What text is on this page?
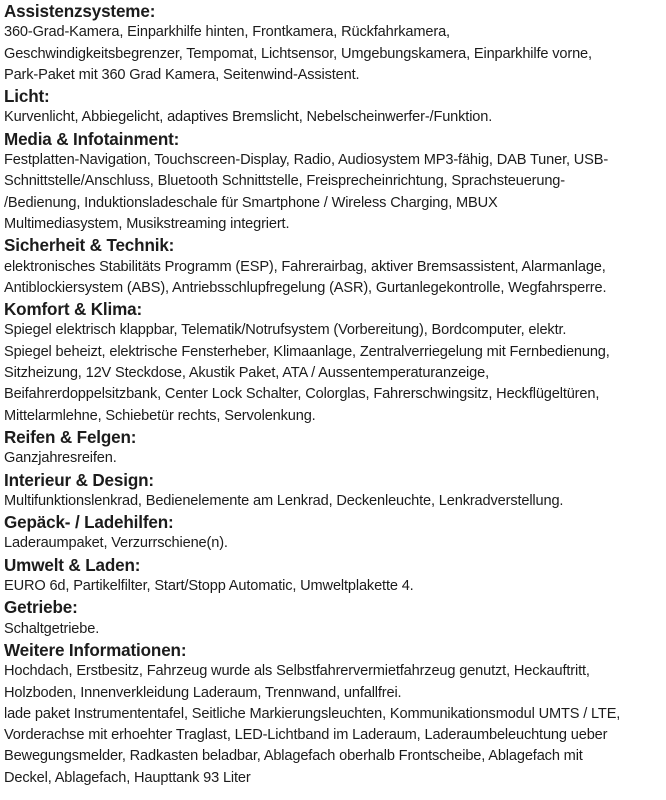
Assistenzsysteme:

360-Grad-Kamera, Einparkhilfe hinten, Frontkamera, Rückfahrkamera,
Geschwindigkeitsbegrenzer, Tempomat, Lichtsensor, Umgebungskamera, Einparkhilfe vorne,
Park-Paket mit 360 Grad Kamera, Seitenwind-Assistent.

Licht:

Kurvenlicht, Abbiegelicht, adaptives Bremslicht, Nebelscheinwerfer-/Funktion.

Media & Infotainment:

Festplatten-Navigation, Touchscreen-Display, Radio, Audiosystem MP3-fähig, DAB Tuner, USB-
Schnittstelle/Anschluss, Bluetooth Schnittstelle, Freisprecheinrichtung, Sprachsteuerung-
/Bedienung, Induktionsladeschale für Smartphone / Wireless Charging, MBUX
Multimediasystem, Musikstreaming integriert.

Sicherheit & Technik:

elektronisches Stabilitäts Programm (ESP), Fahrerairbag, aktiver Bremsassistent, Alarmanlage,
Antiblockiersystem (ABS), Antriebsschlupfregelung (ASR), Gurtanlegekontrolle, Wegfahrsperre.

Komfort & Klima:

Spiegel elektrisch klappbar, Telematik/Notrufsystem (Vorbereitung), Bordcomputer, elektr.
Spiegel beheizt, elektrische Fensterheber, Klimaanlage, Zentralverriegelung mit Fernbedienung,
Sitzheizung, 12V Steckdose, Akustik Paket, ATA / Aussentemperaturanzeige,
Beifahrerdoppelsitzbank, Center Lock Schalter, Colorglas, Fahrerschwingsitz, Heckflügeltüren,
Mittelarmlehne, Schiebetür rechts, Servolenkung.

Reifen & Felgen:

Ganzjahresreifen.

Interieur & Design:

Multifunktionslenkrad, Bedienelemente am Lenkrad, Deckenleuchte, Lenkradverstellung.

Gepäck- / Ladehilfen:

Laderaumpaket, Verzurrschiene(n).

Umwelt & Laden:

EURO 6d, Partikelfilter, Start/Stopp Automatic, Umweltplakette 4.

Getriebe:

Schaltgetriebe.

Weitere Informationen:

Hochdach, Erstbesitz, Fahrzeug wurde als Selbstfahrervermietfahrzeug genutzt, Heckauftritt,
Holzboden, Innenverkleidung Laderaum, Trennwand, unfallfrei.
lade paket Instrumententafel, Seitliche Markierungsleuchten, Kommunikationsmodul UMTS / LTE,
Vorderachse mit erhoehter Traglast, LED-Lichtband im Laderaum, Laderaumbeleuchtung ueber
Bewegungsmelder, Radkasten beladbar, Ablagefach oberhalb Frontscheibe, Ablagefach mit
Deckel, Ablagefach, Haupttank 93 Liter
